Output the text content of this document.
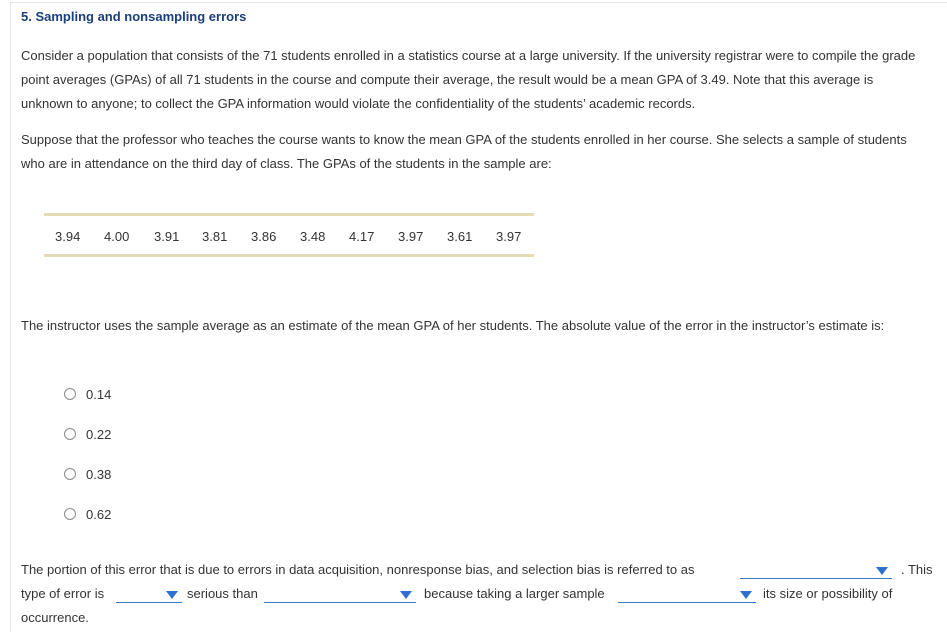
5. Sampling and nonsampling errors

Consider a population that consists of the 71 students enrolled in a statistics course at a large university. If the university registrar were to compile the grade point averages (GPAs) of all 71 students in the course and compute their average, the result would be a mean GPA of 3.49. Note that this average is unknown to anyone; to collect the GPA information would violate the confidentiality of the students’ academic records.

Suppose that the professor who teaches the course wants to know the mean GPA of the students enrolled in her course. She selects a sample of students who are in attendance on the third day of class. The GPAs of the students in the sample are:

3.94 4.00 3.91 3.81 3.86 3.48 4.17 3.97 3.61 3.97

The instructor uses the sample average as an estimate of the mean GPA of her students. The absolute value of the error in the instructor’s estimate is:

0.14
0.22
0.38
0.62
The portion of this error that is due to errors in data acquisition, nonresponse bias, and selection bias is referred to as	. This
type of error is	serious than	because taking a larger sample	its size or possibility of
occurrence.
